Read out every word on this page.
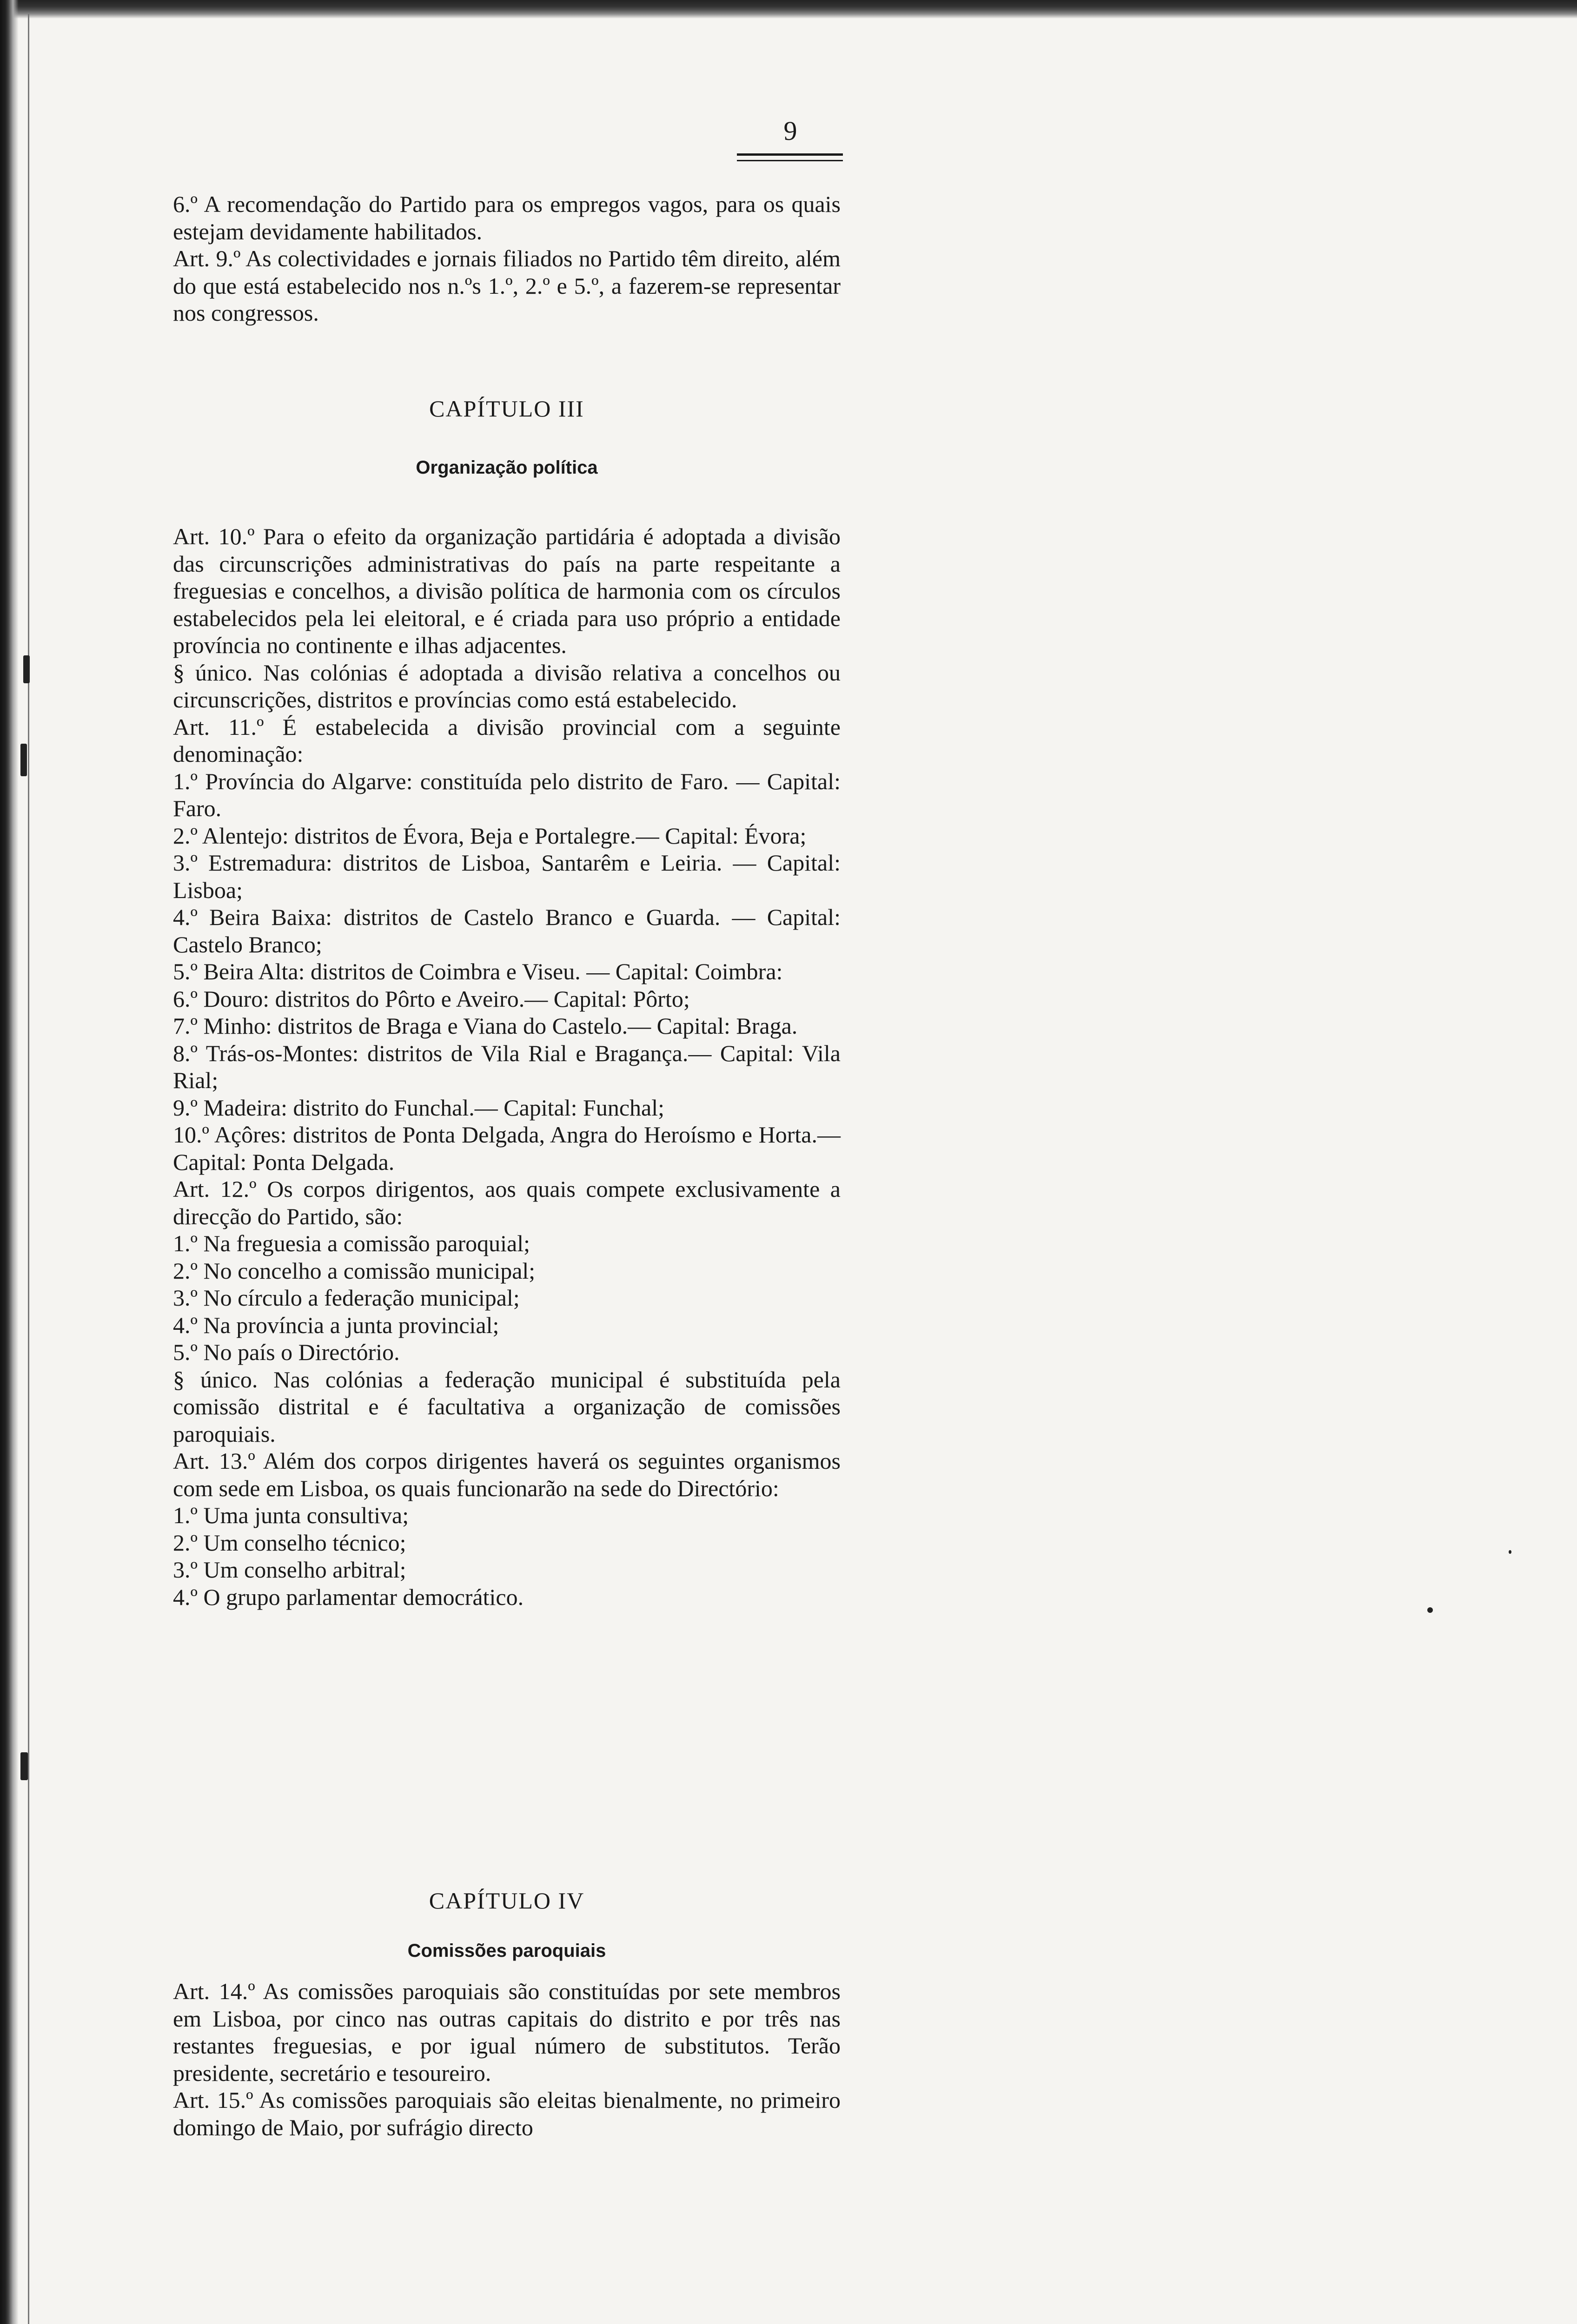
9

6.º A recomendação do Partido para os empregos vagos, para os quais estejam devidamente habilitados.

Art. 9.º As colectividades e jornais filiados no Partido têm direito, além do que está estabelecido nos n.ºs 1.º, 2.º e 5.º, a fazerem-se representar nos congressos.

CAPÍTULO III
Organização política

Art. 10.º Para o efeito da organização partidária é adoptada a divisão das circunscrições administrativas do país na parte respeitante a freguesias e concelhos, a divisão política de harmonia com os círculos estabelecidos pela lei eleitoral, e é criada para uso próprio a entidade província no continente e ilhas adjacentes.

§ único. Nas colónias é adoptada a divisão relativa a concelhos ou circunscrições, distritos e províncias como está estabelecido.

Art. 11.º É estabelecida a divisão provincial com a seguinte denominação:

1.º Província do Algarve: constituída pelo distrito de Faro. — Capital: Faro.

2.º Alentejo: distritos de Évora, Beja e Portalegre.— Capital: Évora;

3.º Estremadura: distritos de Lisboa, Santarêm e Leiria. — Capital: Lisboa;

4.º Beira Baixa: distritos de Castelo Branco e Guarda. — Capital: Castelo Branco;

5.º Beira Alta: distritos de Coimbra e Viseu. — Capital: Coimbra:

6.º Douro: distritos do Pôrto e Aveiro.— Capital: Pôrto;

7.º Minho: distritos de Braga e Viana do Castelo.— Capital: Braga.

8.º Trás-os-Montes: distritos de Vila Rial e Bragança.— Capital: Vila Rial;

9.º Madeira: distrito do Funchal.— Capital: Funchal;

10.º Açôres: distritos de Ponta Delgada, Angra do Heroísmo e Horta.— Capital: Ponta Delgada.

Art. 12.º Os corpos dirigentos, aos quais compete exclusivamente a direcção do Partido, são:

1.º Na freguesia a comissão paroquial;

2.º No concelho a comissão municipal;

3.º No círculo a federação municipal;

4.º Na província a junta provincial;

5.º No país o Directório.

§ único. Nas colónias a federação municipal é substituída pela comissão distrital e é facultativa a organização de comissões paroquiais.

Art. 13.º Além dos corpos dirigentes haverá os seguintes organismos com sede em Lisboa, os quais funcionarão na sede do Directório:

1.º Uma junta consultiva;

2.º Um conselho técnico;

3.º Um conselho arbitral;

4.º O grupo parlamentar democrático.

CAPÍTULO IV
Comissões paroquiais

Art. 14.º As comissões paroquiais são constituídas por sete membros em Lisboa, por cinco nas outras capitais do distrito e por três nas restantes freguesias, e por igual número de substitutos. Terão presidente, secretário e tesoureiro.

Art. 15.º As comissões paroquiais são eleitas bienalmente, no primeiro domingo de Maio, por sufrágio directo
